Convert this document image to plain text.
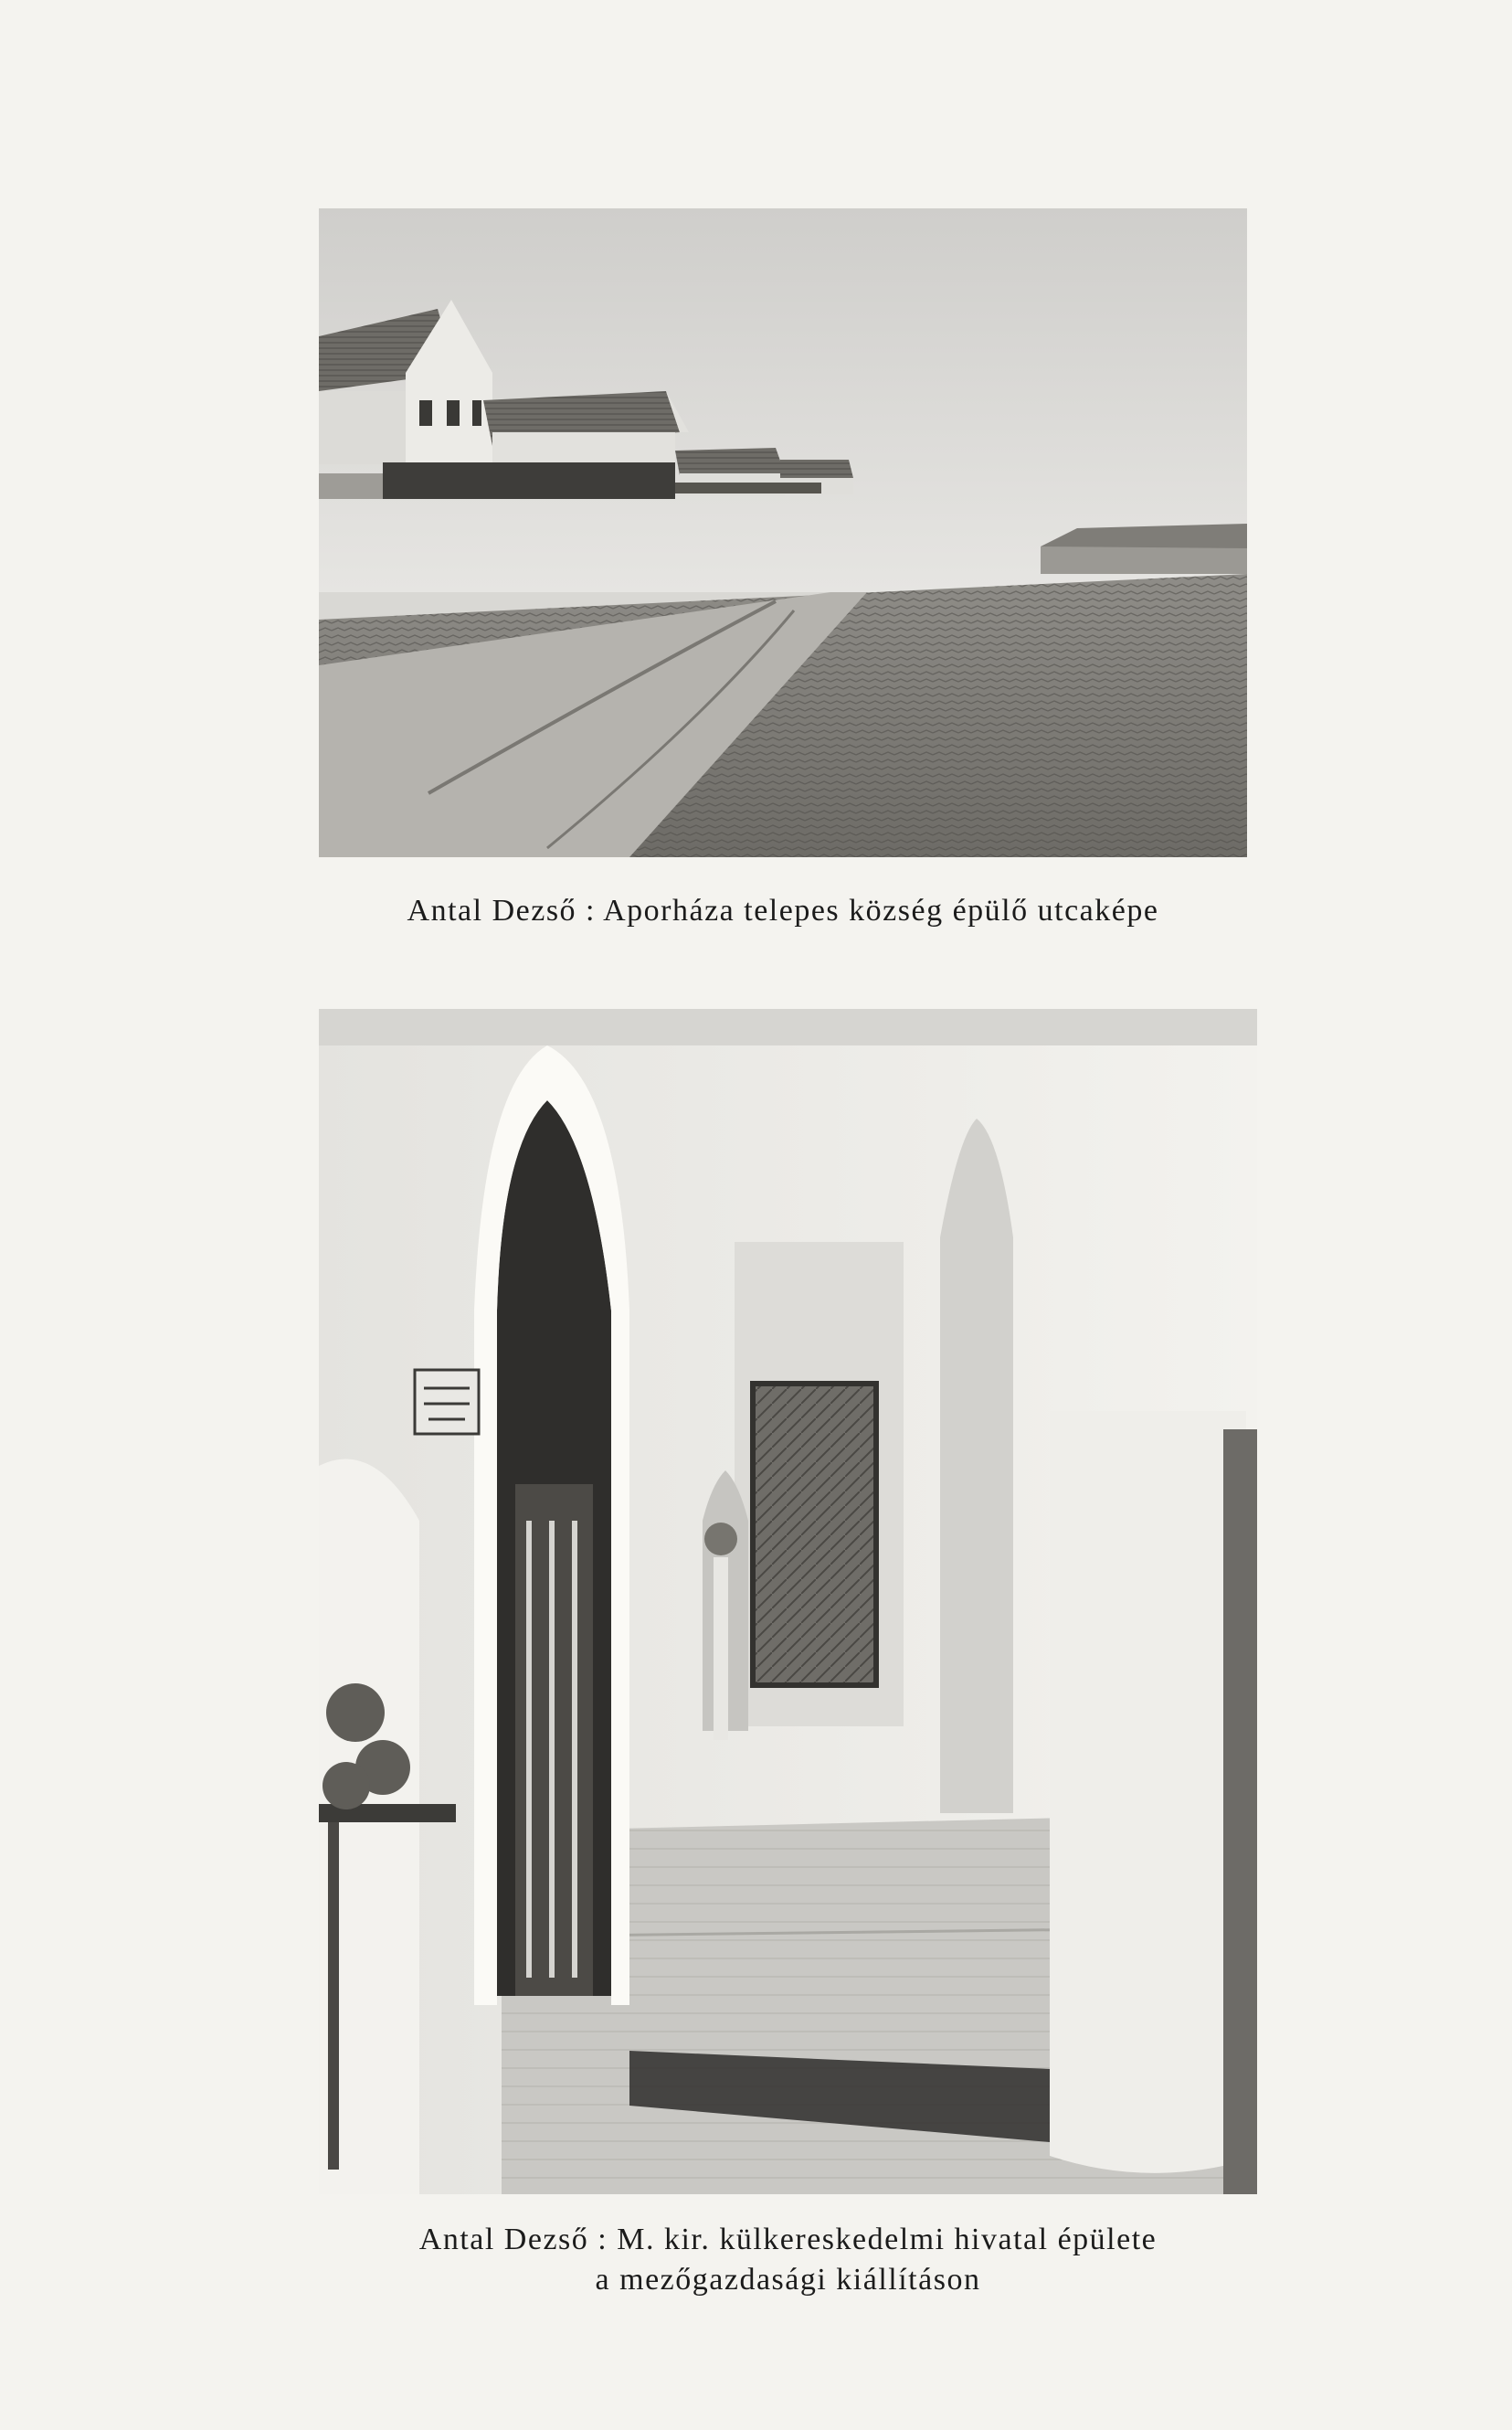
Antal Dezső : Aporháza telepes község épülő utcaképe
Antal Dezső : M. kir. külkereskedelmi hivatal épülete
a mezőgazdasági kiállításon
